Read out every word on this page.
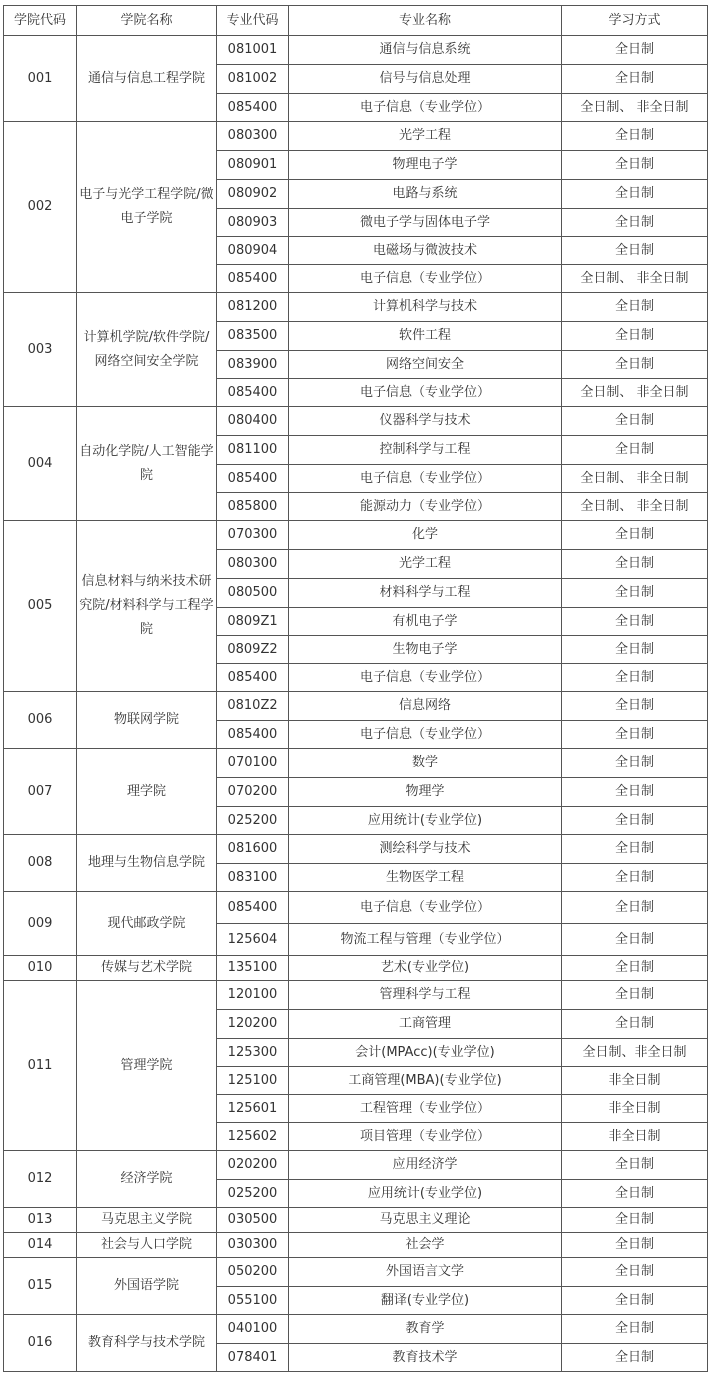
学院代码	学院名称	专业代码	专业名称	学习方式
001	通信与信息工程学院	081001	通信与信息系统	全日制
		081002	信号与信息处理	全日制
		085400	电子信息（专业学位）	全日制、 非全日制
002	电子与光学工程学院/微电子学院	080300	光学工程	全日制
		080901	物理电子学	全日制
		080902	电路与系统	全日制
		080903	微电子学与固体电子学	全日制
		080904	电磁场与微波技术	全日制
		085400	电子信息（专业学位）	全日制、 非全日制
003	计算机学院/软件学院/网络空间安全学院	081200	计算机科学与技术	全日制
		083500	软件工程	全日制
		083900	网络空间安全	全日制
		085400	电子信息（专业学位）	全日制、 非全日制
004	自动化学院/人工智能学院	080400	仪器科学与技术	全日制
		081100	控制科学与工程	全日制
		085400	电子信息（专业学位）	全日制、 非全日制
		085800	能源动力（专业学位）	全日制、 非全日制
005	信息材料与纳米技术研究院/材料科学与工程学院	070300	化学	全日制
		080300	光学工程	全日制
		080500	材料科学与工程	全日制
		0809Z1	有机电子学	全日制
		0809Z2	生物电子学	全日制
		085400	电子信息（专业学位）	全日制
006	物联网学院	0810Z2	信息网络	全日制
		085400	电子信息（专业学位）	全日制
007	理学院	070100	数学	全日制
		070200	物理学	全日制
		025200	应用统计(专业学位)	全日制
008	地理与生物信息学院	081600	测绘科学与技术	全日制
		083100	生物医学工程	全日制
009	现代邮政学院	085400	电子信息（专业学位）	全日制
		125604	物流工程与管理（专业学位）	全日制
010	传媒与艺术学院	135100	艺术(专业学位)	全日制
011	管理学院	120100	管理科学与工程	全日制
		120200	工商管理	全日制
		125300	会计(MPAcc)(专业学位)	全日制、非全日制
		125100	工商管理(MBA)(专业学位)	非全日制
		125601	工程管理（专业学位）	非全日制
		125602	项目管理（专业学位）	非全日制
012	经济学院	020200	应用经济学	全日制
		025200	应用统计(专业学位)	全日制
013	马克思主义学院	030500	马克思主义理论	全日制
014	社会与人口学院	030300	社会学	全日制
015	外国语学院	050200	外国语言文学	全日制
		055100	翻译(专业学位)	全日制
016	教育科学与技术学院	040100	教育学	全日制
		078401	教育技术学	全日制
